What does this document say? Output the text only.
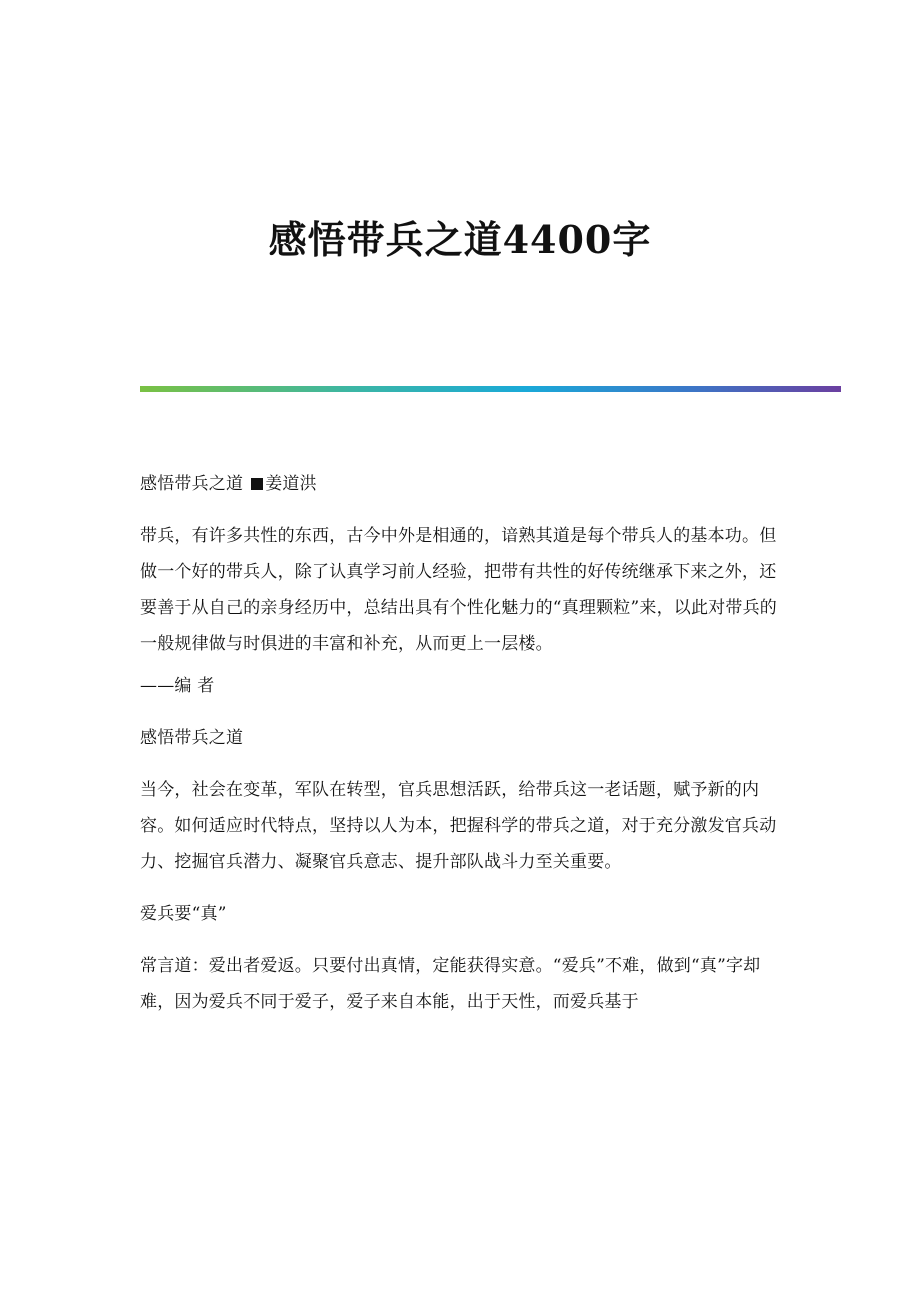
感悟带兵之道4400字

感悟带兵之道 姜道洪

带兵，有许多共性的东西，古今中外是相通的，谙熟其道是每个带兵人的基本功。但做一个好的带兵人，除了认真学习前人经验，把带有共性的好传统继承下来之外，还要善于从自己的亲身经历中，总结出具有个性化魅力的“真理颗粒”来，以此对带兵的一般规律做与时俱进的丰富和补充，从而更上一层楼。

——编 者

感悟带兵之道

当今，社会在变革，军队在转型，官兵思想活跃，给带兵这一老话题，赋予新的内容。如何适应时代特点，坚持以人为本，把握科学的带兵之道，对于充分激发官兵动力、挖掘官兵潜力、凝聚官兵意志、提升部队战斗力至关重要。

爱兵要“真”

常言道：爱出者爱返。只要付出真情，定能获得实意。“爱兵”不难，做到“真”字却难，因为爱兵不同于爱子，爱子来自本能，出于天性，而爱兵基于
